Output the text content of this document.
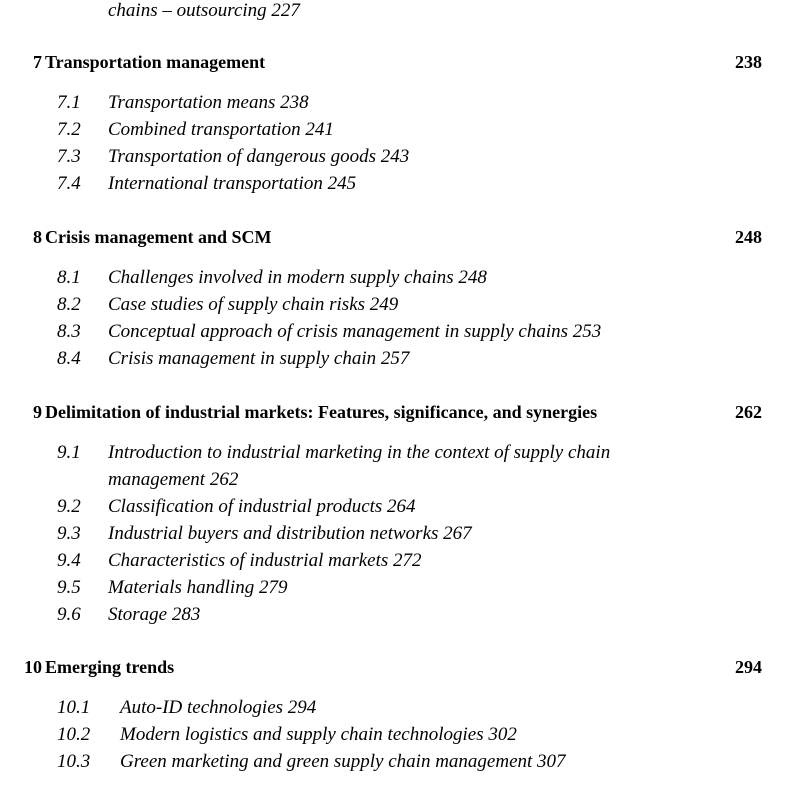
chains – outsourcing 227
7 Transportation management	238
7.1 Transportation means 238
7.2 Combined transportation 241
7.3 Transportation of dangerous goods 243
7.4 International transportation 245
8 Crisis management and SCM	248
8.1 Challenges involved in modern supply chains 248
8.2 Case studies of supply chain risks 249
8.3 Conceptual approach of crisis management in supply chains 253
8.4 Crisis management in supply chain 257
9 Delimitation of industrial markets: Features, significance, and synergies	262
9.1 Introduction to industrial marketing in the context of supply chain management 262
9.2 Classification of industrial products 264
9.3 Industrial buyers and distribution networks 267
9.4 Characteristics of industrial markets 272
9.5 Materials handling 279
9.6 Storage 283
10 Emerging trends	294
10.1 Auto-ID technologies 294
10.2 Modern logistics and supply chain technologies 302
10.3 Green marketing and green supply chain management 307
